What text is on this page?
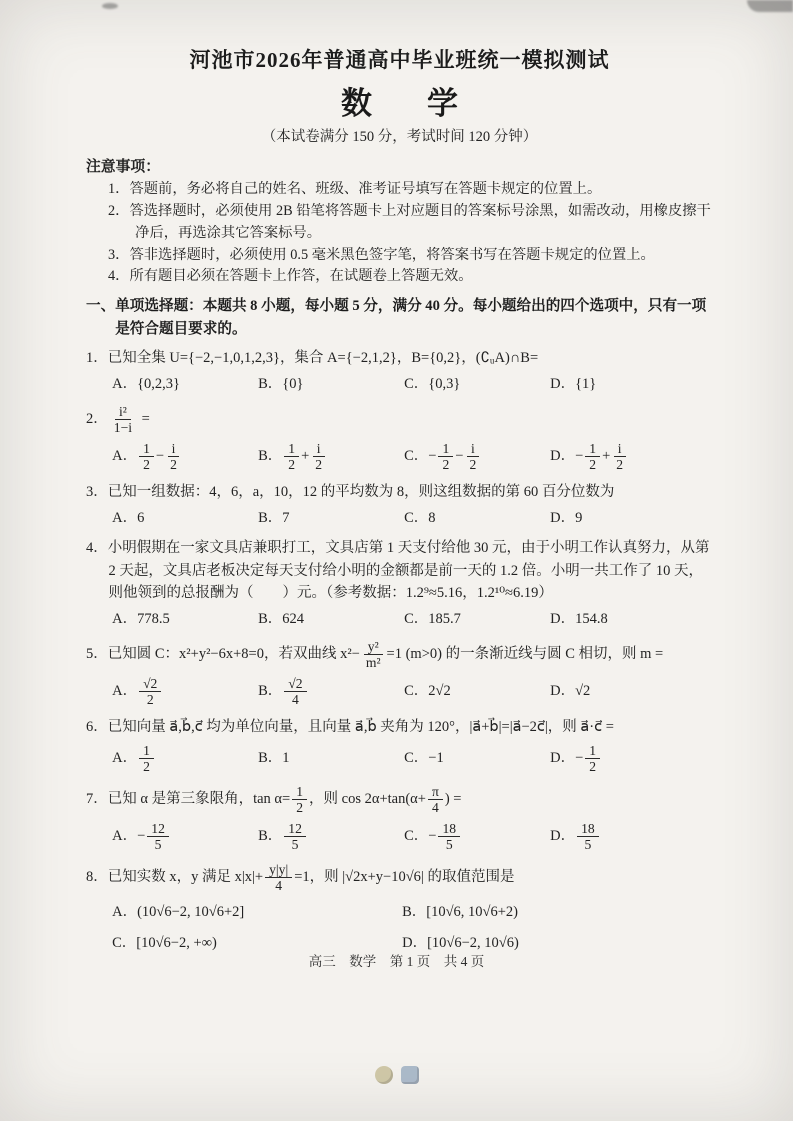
河池市2026年普通高中毕业班统一模拟测试
数　学
（本试卷满分 150 分，考试时间 120 分钟）
注意事项：
1．答题前，务必将自己的姓名、班级、准考证号填写在答题卡规定的位置上。
2．答选择题时，必须使用 2B 铅笔将答题卡上对应题目的答案标号涂黑，如需改动，用橡皮擦干净后，再选涂其它答案标号。
3．答非选择题时，必须使用 0.5 毫米黑色签字笔，将答案书写在答题卡规定的位置上。
4．所有题目必须在答题卡上作答，在试题卷上答题无效。
一、单项选择题：本题共 8 小题，每小题 5 分，满分 40 分。每小题给出的四个选项中，只有一项是符合题目要求的。
1．已知全集 U={−2,−1,0,1,2,3}，集合 A={−2,1,2}，B={0,2}，(∁ᵤA)∩B=
A．{0,2,3}	B．{0}	C．{0,3}	D．{1}
2． $\frac{\text{i²}}{1-i}$ =
A． $\frac{1}{2} - \frac{i}{2}$	B． $\frac{1}{2} + \frac{i}{2}$	C．− $\frac{1}{2} - \frac{i}{2}$	D．− $\frac{1}{2} + \frac{i}{2}$
3．已知一组数据：4，6，a，10，12 的平均数为 8，则这组数据的第 60 百分位数为
A．6	B．7	C．8	D．9
4．小明假期在一家文具店兼职打工，文具店第 1 天支付给他 30 元，由于小明工作认真努力，从第 2 天起，文具店老板决定每天支付给小明的金额都是前一天的 1.2 倍。小明一共工作了 10 天，则他领到的总报酬为（　　）元。（参考数据：1.2⁹≈5.16，1.2¹⁰≈6.19）
A．778.5	B．624	C．185.7	D．154.8
5．已知圆 C：x²+y²−6x+8=0，若双曲线 $x^2- \frac{\text{y²}}{\text{m²}} =1$ (m>0) 的一条渐近线与圆 C 相切，则 m =
A． $\frac{√2}{2}$	B． $\frac{√2}{4}$	C．2√2	D．√2
6．已知向量 a⃗,b⃗,c⃗ 均为单位向量，且向量 a⃗,b⃗ 夹角为 120°，|a⃗+b⃗|=|a⃗−2c⃗|，则 a⃗·c⃗ =
A． $\frac{1}{2}$	B．1	C．−1	D．− $\frac{1}{2}$
7．已知 α 是第三象限角，$\tan \alpha= \frac{1}{2}$ ，则 $\cos 2\alpha+\tan(\alpha+ \frac{\pi}{4}$ ) =
A．− $\frac{12}{5}$	B． $\frac{12}{5}$	C．− $\frac{18}{5}$	D． $\frac{18}{5}$
8．已知实数 x，y 满足 $x|x|+ \frac{y|y|}{4} =1$，则 |√2x+y−10√6| 的取值范围是
A．(10√6−2, 10√6+2]	B．[10√6, 10√6+2)
C．[10√6−2, +∞)	D．[10√6−2, 10√6)
高三　数学　第 1 页　共 4 页
